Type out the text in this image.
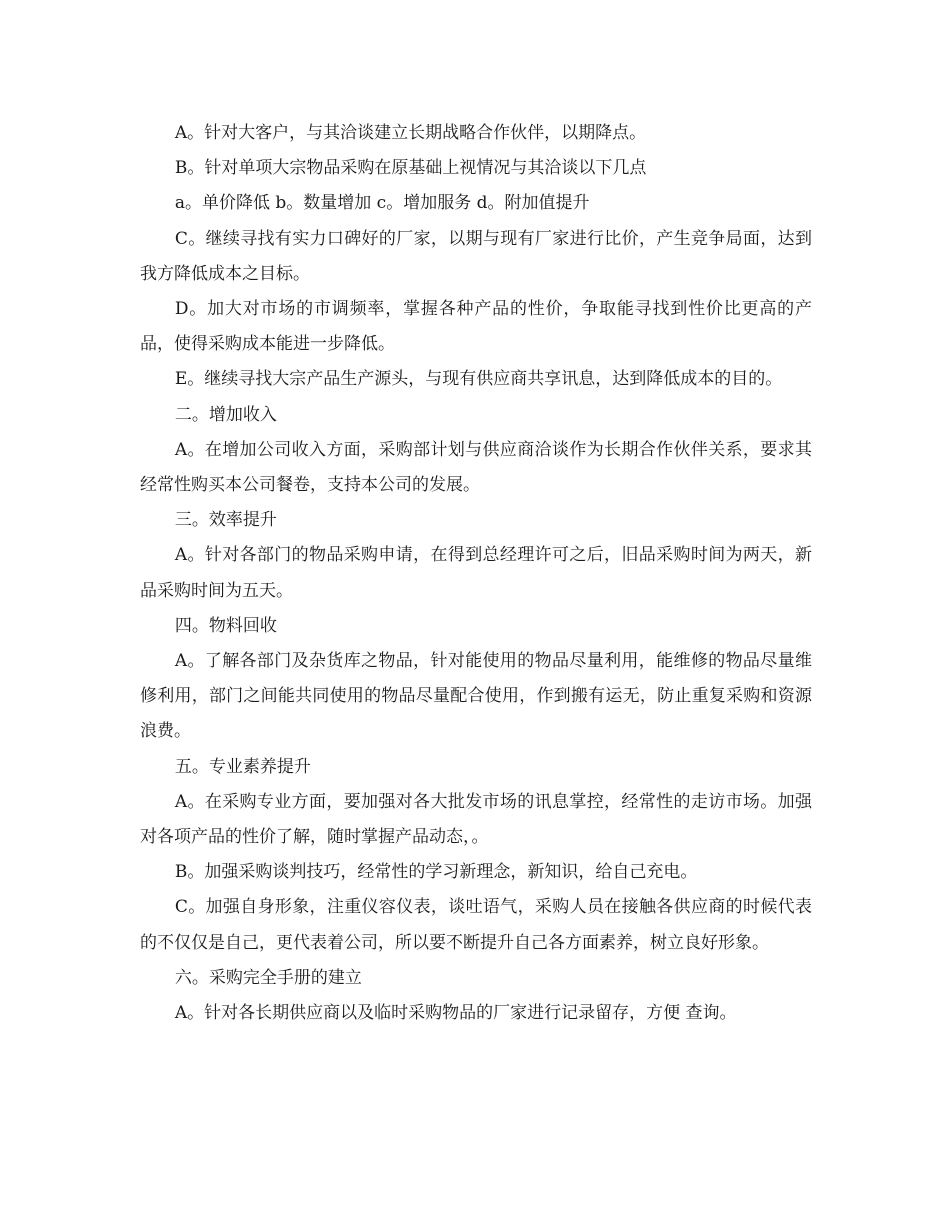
A。针对大客户，与其洽谈建立长期战略合作伙伴，以期降点。

B。针对单项大宗物品采购在原基础上视情况与其洽谈以下几点

a。单价降低 b。数量增加 c。增加服务 d。附加值提升

C。继续寻找有实力口碑好的厂家，以期与现有厂家进行比价，产生竞争局面，达到我方降低成本之目标。

D。加大对市场的市调频率，掌握各种产品的性价，争取能寻找到性价比更高的产品，使得采购成本能进一步降低。

E。继续寻找大宗产品生产源头，与现有供应商共享讯息，达到降低成本的目的。

二。增加收入

A。在增加公司收入方面，采购部计划与供应商洽谈作为长期合作伙伴关系，要求其经常性购买本公司餐卷，支持本公司的发展。

三。效率提升

A。针对各部门的物品采购申请，在得到总经理许可之后，旧品采购时间为两天，新品采购时间为五天。

四。物料回收

A。了解各部门及杂货库之物品，针对能使用的物品尽量利用，能维修的物品尽量维修利用，部门之间能共同使用的物品尽量配合使用，作到搬有运无，防止重复采购和资源浪费。

五。专业素养提升

A。在采购专业方面，要加强对各大批发市场的讯息掌控，经常性的走访市场。加强对各项产品的性价了解，随时掌握产品动态，。

B。加强采购谈判技巧，经常性的学习新理念，新知识，给自己充电。

C。加强自身形象，注重仪容仪表，谈吐语气，采购人员在接触各供应商的时候代表的不仅仅是自己，更代表着公司，所以要不断提升自己各方面素养，树立良好形象。

六。采购完全手册的建立

A。针对各长期供应商以及临时采购物品的厂家进行记录留存，方便 查询。
